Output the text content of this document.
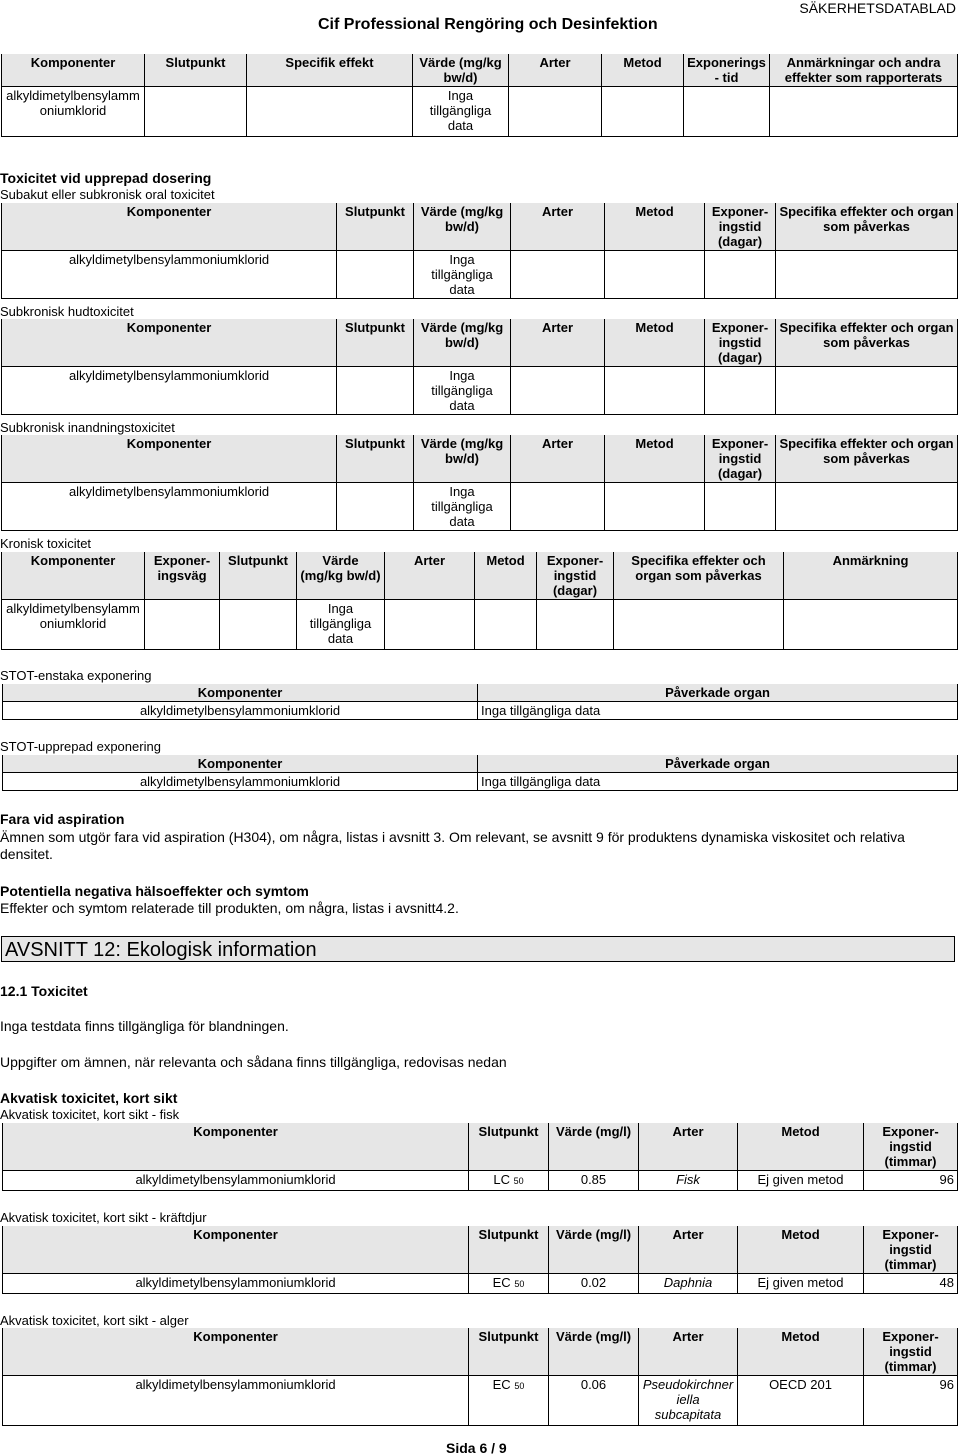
Cif Professional Rengöring och Desinfektion
SÄKERHETSDATABLAD
Komponenter	Slutpunkt	Specifik effekt	Värde (mg/kg bw/d)	Arter	Metod	Exponerings - tid	Anmärkningar och andra effekter som rapporterats
alkyldimetylbensylamm oniumklorid			Inga tillgängliga data				
Toxicitet vid upprepad dosering
Subakut eller subkronisk oral toxicitet
Komponenter	Slutpunkt	Värde (mg/kg bw/d)	Arter	Metod	Exponer- ingstid (dagar)	Specifika effekter och organ som påverkas
alkyldimetylbensylammoniumklorid		Inga tillgängliga data				
Subkronisk hudtoxicitet
Komponenter	Slutpunkt	Värde (mg/kg bw/d)	Arter	Metod	Exponer- ingstid (dagar)	Specifika effekter och organ som påverkas
alkyldimetylbensylammoniumklorid		Inga tillgängliga data				
Subkronisk inandningstoxicitet
Komponenter	Slutpunkt	Värde (mg/kg bw/d)	Arter	Metod	Exponer- ingstid (dagar)	Specifika effekter och organ som påverkas
alkyldimetylbensylammoniumklorid		Inga tillgängliga data				
Kronisk toxicitet
Komponenter	Exponer- ingsväg	Slutpunkt	Värde (mg/kg bw/d)	Arter	Metod	Exponer- ingstid (dagar)	Specifika effekter och organ som påverkas	Anmärkning
alkyldimetylbensylamm oniumklorid			Inga tillgängliga data					
STOT-enstaka exponering
Komponenter	Påverkade organ
alkyldimetylbensylammoniumklorid	Inga tillgängliga data
STOT-upprepad exponering
Komponenter	Påverkade organ
alkyldimetylbensylammoniumklorid	Inga tillgängliga data
Fara vid aspiration
Ämnen som utgör fara vid aspiration (H304), om några, listas i avsnitt 3. Om relevant, se avsnitt 9 för produktens dynamiska viskositet och relativa densitet.
Potentiella negativa hälsoeffekter och symtom
Effekter och symtom relaterade till produkten, om några, listas i avsnitt4.2.
AVSNITT 12: Ekologisk information
12.1 Toxicitet
Inga testdata finns tillgängliga för blandningen.
Uppgifter om ämnen, när relevanta och sådana finns tillgängliga, redovisas nedan
Akvatisk toxicitet, kort sikt
Akvatisk toxicitet, kort sikt - fisk
Komponenter	Slutpunkt	Värde (mg/l)	Arter	Metod	Exponer- ingstid (timmar)
alkyldimetylbensylammoniumklorid	LC 50	0.85	Fisk	Ej given metod	96
Akvatisk toxicitet, kort sikt - kräftdjur
Komponenter	Slutpunkt	Värde (mg/l)	Arter	Metod	Exponer- ingstid (timmar)
alkyldimetylbensylammoniumklorid	EC 50	0.02	Daphnia	Ej given metod	48
Akvatisk toxicitet, kort sikt - alger
Komponenter	Slutpunkt	Värde (mg/l)	Arter	Metod	Exponer- ingstid (timmar)
alkyldimetylbensylammoniumklorid	EC 50	0.06	Pseudokirchner iella subcapitata	OECD 201	96
Sida 6 / 9
